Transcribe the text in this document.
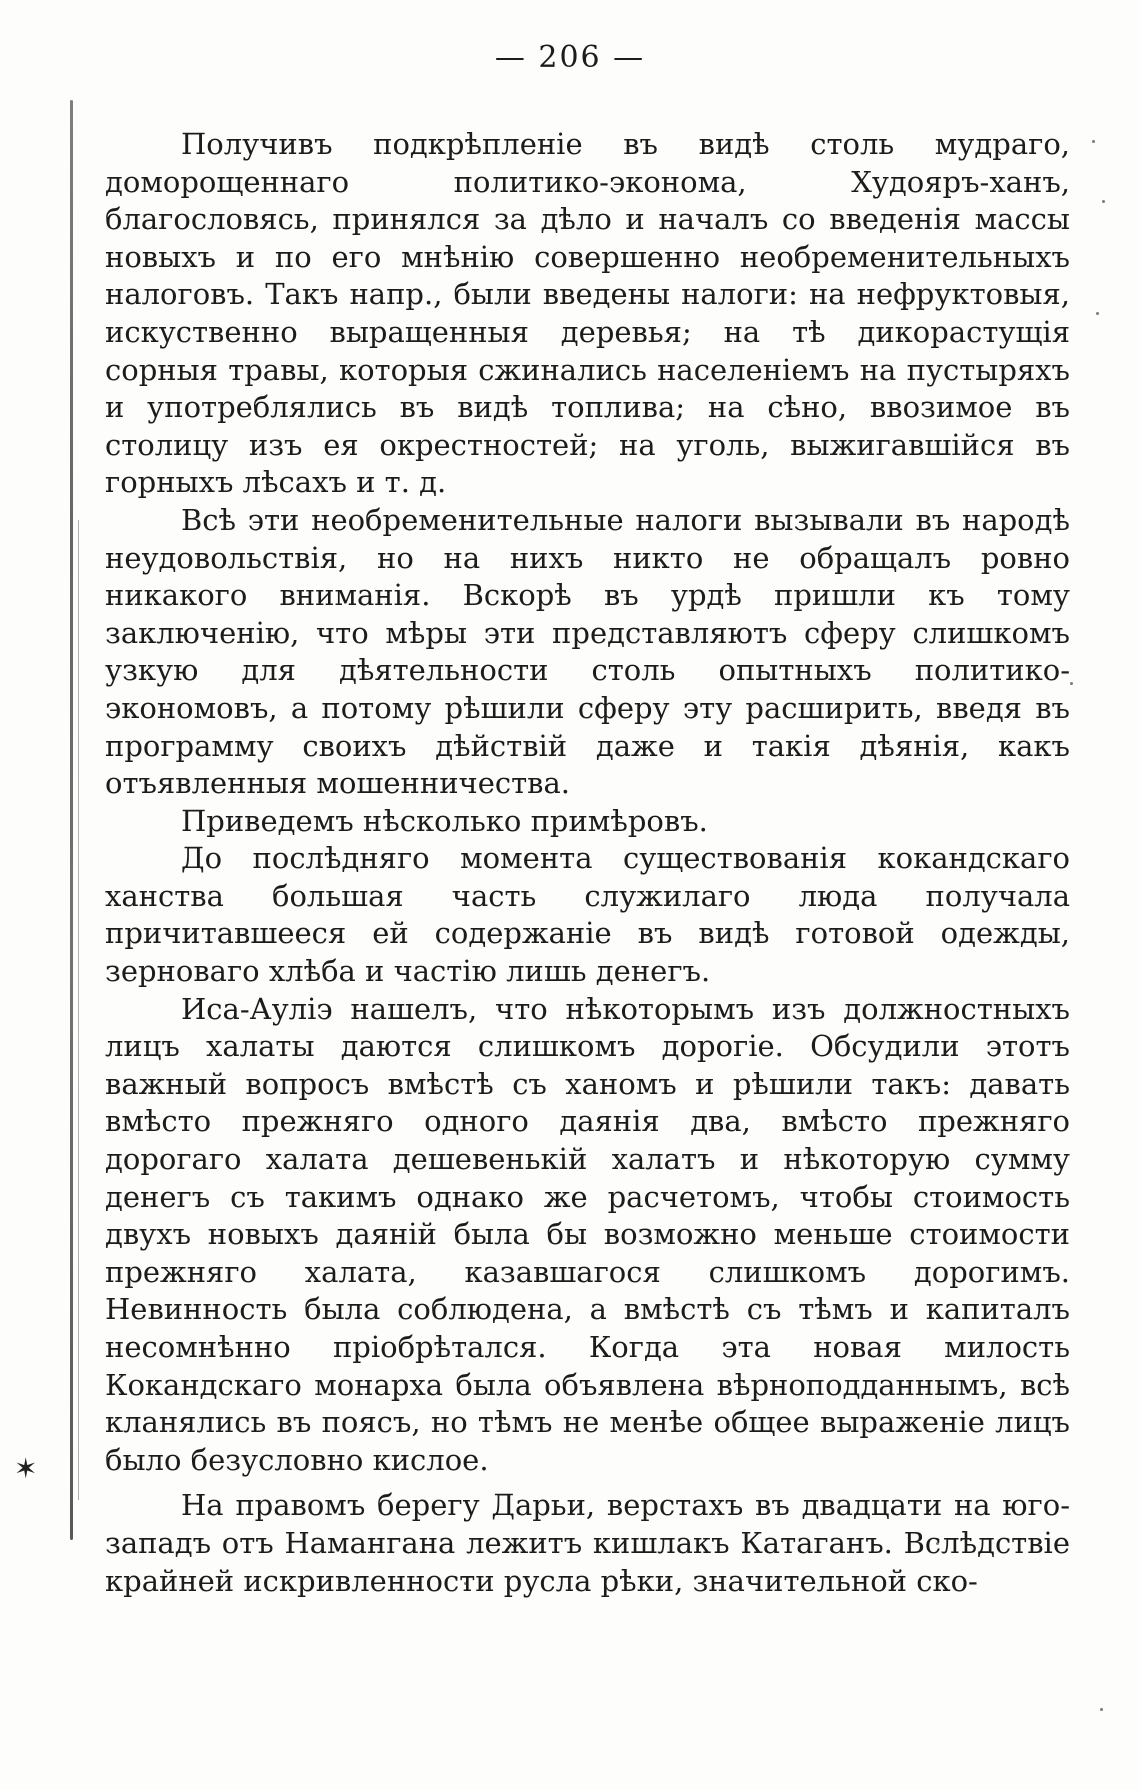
✶
— 206 —

Получивъ подкрѣпленіе въ видѣ столь мудраго, доморощеннаго политико-эконома, Худояръ-ханъ, благословясь, принялся за дѣло и началъ со введенія массы новыхъ и по его мнѣнію совершенно необременительныхъ налоговъ. Такъ напр., были введены налоги: на нефруктовыя, искуственно выращенныя деревья; на тѣ дикорастущія сорныя травы, которыя сжинались населеніемъ на пустыряхъ и употреблялись въ видѣ топлива; на сѣно, ввозимое въ столицу изъ ея окрестностей; на уголь, выжигавшійся въ горныхъ лѣсахъ и т. д.

Всѣ эти необременительные налоги вызывали въ народѣ неудовольствія, но на нихъ никто не обращалъ ровно никакого вниманія. Вскорѣ въ урдѣ пришли къ тому заключенію, что мѣры эти представляютъ сферу слишкомъ узкую для дѣятельности столь опытныхъ политико-экономовъ, а потому рѣшили сферу эту расширить, введя въ программу своихъ дѣйствій даже и такія дѣянія, какъ отъявленныя мошенничества.

Приведемъ нѣсколько примѣровъ.

До послѣдняго момента существованія кокандскаго ханства большая часть служилаго люда получала причитавшееся ей содержаніе въ видѣ готовой одежды, зерноваго хлѣба и частію лишь денегъ.

Иса-Ауліэ нашелъ, что нѣкоторымъ изъ должностныхъ лицъ халаты даются слишкомъ дорогіе. Обсудили этотъ важный вопросъ вмѣстѣ съ ханомъ и рѣшили такъ: давать вмѣсто прежняго одного даянія два, вмѣсто прежняго дорогаго халата дешевенькій халатъ и нѣкоторую сумму денегъ съ такимъ однако же расчетомъ, чтобы стоимость двухъ новыхъ даяній была бы возможно меньше стоимости прежняго халата, казавшагося слишкомъ дорогимъ. Невинность была соблюдена, а вмѣстѣ съ тѣмъ и капиталъ несомнѣнно пріобрѣтался. Когда эта новая милость Кокандскаго монарха была объявлена вѣрноподданнымъ, всѣ кланялись въ поясъ, но тѣмъ не менѣе общее выраженіе лицъ было безусловно кислое.

На правомъ берегу Дарьи, верстахъ въ двадцати на юго-западъ отъ Намангана лежитъ кишлакъ Катаганъ. Вслѣдствіе крайней искривленности русла рѣки, значительной ско-
